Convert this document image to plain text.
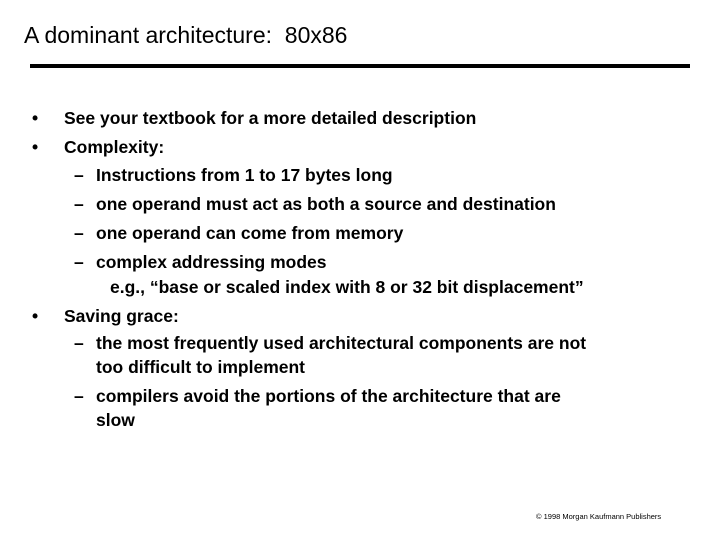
A dominant architecture:  80x86
• See your textbook for a more detailed description
• Complexity:
– Instructions from 1 to 17 bytes long
– one operand must act as both a source and destination
– one operand can come from memory
– complex addressing modes
e.g., “base or scaled index with 8 or 32 bit displacement”
• Saving grace:
– the most frequently used architectural components are not
too difficult to implement
– compilers avoid the portions of the architecture that are
slow
© 1998 Morgan Kaufmann Publishers
